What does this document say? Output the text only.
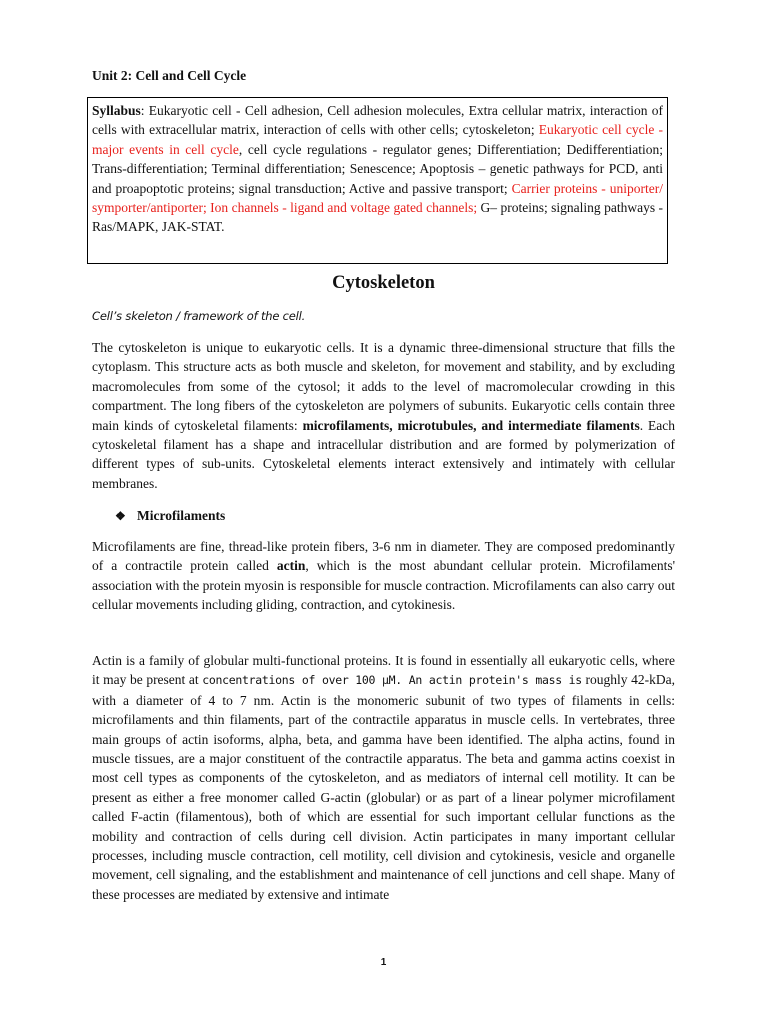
Unit 2: Cell and Cell Cycle
Syllabus: Eukaryotic cell - Cell adhesion, Cell adhesion molecules, Extra cellular matrix, interaction of cells with extracellular matrix, interaction of cells with other cells; cytoskeleton; Eukaryotic cell cycle - major events in cell cycle, cell cycle regulations - regulator genes; Differentiation; Dedifferentiation; Trans-differentiation; Terminal differentiation; Senescence; Apoptosis – genetic pathways for PCD, anti and proapoptotic proteins; signal transduction; Active and passive transport; Carrier proteins - uniporter/ symporter/antiporter; Ion channels - ligand and voltage gated channels; G– proteins; signaling pathways -Ras/MAPK, JAK-STAT.
Cytoskeleton
Cell’s skeleton / framework of the cell.

The cytoskeleton is unique to eukaryotic cells. It is a dynamic three-dimensional structure that fills the cytoplasm. This structure acts as both muscle and skeleton, for movement and stability, and by excluding macromolecules from some of the cytosol; it adds to the level of macromolecular crowding in this compartment. The long fibers of the cytoskeleton are polymers of subunits. Eukaryotic cells contain three main kinds of cytoskeletal filaments: microfilaments, microtubules, and intermediate filaments. Each cytoskeletal filament has a shape and intracellular distribution and are formed by polymerization of different types of sub-units. Cytoskeletal elements interact extensively and intimately with cellular membranes.

❖ Microfilaments

Microfilaments are fine, thread-like protein fibers, 3-6 nm in diameter. They are composed predominantly of a contractile protein called actin, which is the most abundant cellular protein. Microfilaments' association with the protein myosin is responsible for muscle contraction. Microfilaments can also carry out cellular movements including gliding, contraction, and cytokinesis.

Actin is a family of globular multi-functional proteins. It is found in essentially all eukaryotic cells, where it may be present at concentrations of over 100 μM. An actin protein's mass is roughly 42-kDa, with a diameter of 4 to 7 nm. Actin is the monomeric subunit of two types of filaments in cells: microfilaments and thin filaments, part of the contractile apparatus in muscle cells. In vertebrates, three main groups of actin isoforms, alpha, beta, and gamma have been identified. The alpha actins, found in muscle tissues, are a major constituent of the contractile apparatus. The beta and gamma actins coexist in most cell types as components of the cytoskeleton, and as mediators of internal cell motility. It can be present as either a free monomer called G-actin (globular) or as part of a linear polymer microfilament called F-actin (filamentous), both of which are essential for such important cellular functions as the mobility and contraction of cells during cell division. Actin participates in many important cellular processes, including muscle contraction, cell motility, cell division and cytokinesis, vesicle and organelle movement, cell signaling, and the establishment and maintenance of cell junctions and cell shape. Many of these processes are mediated by extensive and intimate

1
